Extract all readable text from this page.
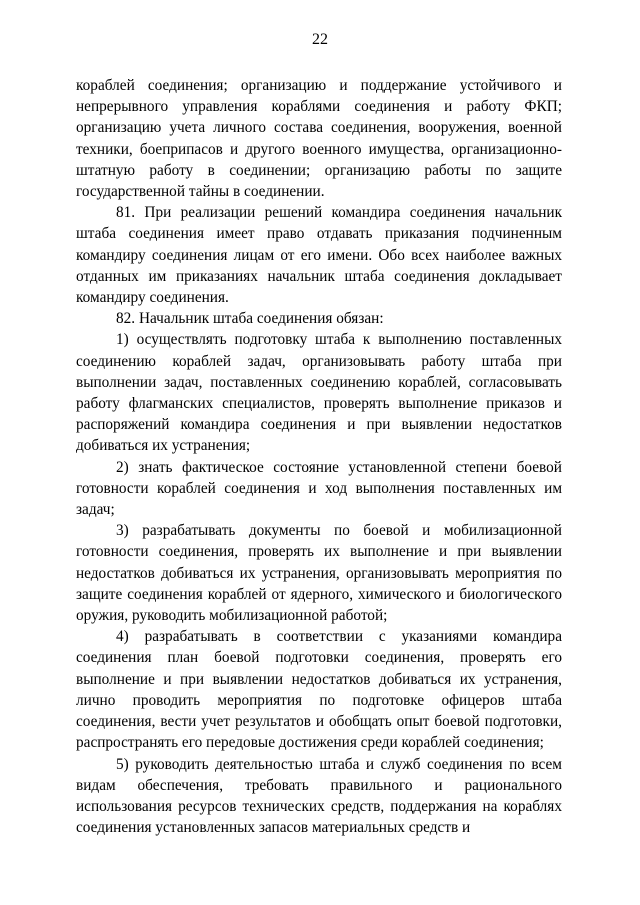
22

кораблей соединения; организацию и поддержание устойчивого и непрерывного управления кораблями соединения и работу ФКП; организацию учета личного состава соединения, вооружения, военной техники, боеприпасов и другого военного имущества, организационно-штатную работу в соединении; организацию работы по защите государственной тайны в соединении.

81. При реализации решений командира соединения начальник штаба соединения имеет право отдавать приказания подчиненным командиру соединения лицам от его имени. Обо всех наиболее важных отданных им приказаниях начальник штаба соединения докладывает командиру соединения.

82. Начальник штаба соединения обязан:

1) осуществлять подготовку штаба к выполнению поставленных соединению кораблей задач, организовывать работу штаба при выполнении задач, поставленных соединению кораблей, согласовывать работу флагманских специалистов, проверять выполнение приказов и распоряжений командира соединения и при выявлении недостатков добиваться их устранения;

2) знать фактическое состояние установленной степени боевой готовности кораблей соединения и ход выполнения поставленных им задач;

3) разрабатывать документы по боевой и мобилизационной готовности соединения, проверять их выполнение и при выявлении недостатков добиваться их устранения, организовывать мероприятия по защите соединения кораблей от ядерного, химического и биологического оружия, руководить мобилизационной работой;

4) разрабатывать в соответствии с указаниями командира соединения план боевой подготовки соединения, проверять его выполнение и при выявлении недостатков добиваться их устранения, лично проводить мероприятия по подготовке офицеров штаба соединения, вести учет результатов и обобщать опыт боевой подготовки, распространять его передовые достижения среди кораблей соединения;

5) руководить деятельностью штаба и служб соединения по всем видам обеспечения, требовать правильного и рационального использования ресурсов технических средств, поддержания на кораблях соединения установленных запасов материальных средств и
